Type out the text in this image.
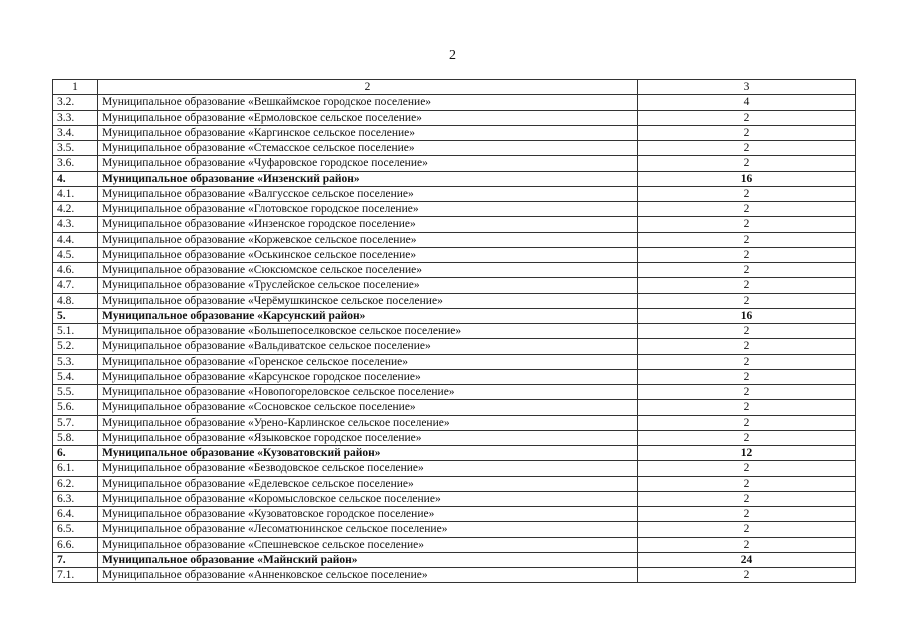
2
1	2	3
3.2.	Муниципальное образование «Вешкаймское городское поселение»	4
3.3.	Муниципальное образование «Ермоловское сельское поселение»	2
3.4.	Муниципальное образование «Каргинское сельское поселение»	2
3.5.	Муниципальное образование «Стемасское сельское поселение»	2
3.6.	Муниципальное образование «Чуфаровское городское поселение»	2
4.	Муниципальное образование «Инзенский район»	16
4.1.	Муниципальное образование «Валгусское сельское поселение»	2
4.2.	Муниципальное образование «Глотовское городское поселение»	2
4.3.	Муниципальное образование «Инзенское городское поселение»	2
4.4.	Муниципальное образование «Коржевское сельское поселение»	2
4.5.	Муниципальное образование «Оськинское сельское поселение»	2
4.6.	Муниципальное образование «Сюксюмское сельское поселение»	2
4.7.	Муниципальное образование «Труслейское сельское поселение»	2
4.8.	Муниципальное образование «Черёмушкинское сельское поселение»	2
5.	Муниципальное образование «Карсунский район»	16
5.1.	Муниципальное образование «Большепоселковское сельское поселение»	2
5.2.	Муниципальное образование «Вальдиватское сельское поселение»	2
5.3.	Муниципальное образование «Горенское сельское поселение»	2
5.4.	Муниципальное образование «Карсунское городское поселение»	2
5.5.	Муниципальное образование «Новопогореловское сельское поселение»	2
5.6.	Муниципальное образование «Сосновское сельское поселение»	2
5.7.	Муниципальное образование «Урено-Карлинское сельское поселение»	2
5.8.	Муниципальное образование «Языковское городское поселение»	2
6.	Муниципальное образование «Кузоватовский район»	12
6.1.	Муниципальное образование «Безводовское сельское поселение»	2
6.2.	Муниципальное образование «Еделевское сельское поселение»	2
6.3.	Муниципальное образование «Коромысловское сельское поселение»	2
6.4.	Муниципальное образование «Кузоватовское городское поселение»	2
6.5.	Муниципальное образование «Лесоматюнинское сельское поселение»	2
6.6.	Муниципальное образование «Спешневское сельское поселение»	2
7.	Муниципальное образование «Майнский район»	24
7.1.	Муниципальное образование «Анненковское сельское поселение»	2
